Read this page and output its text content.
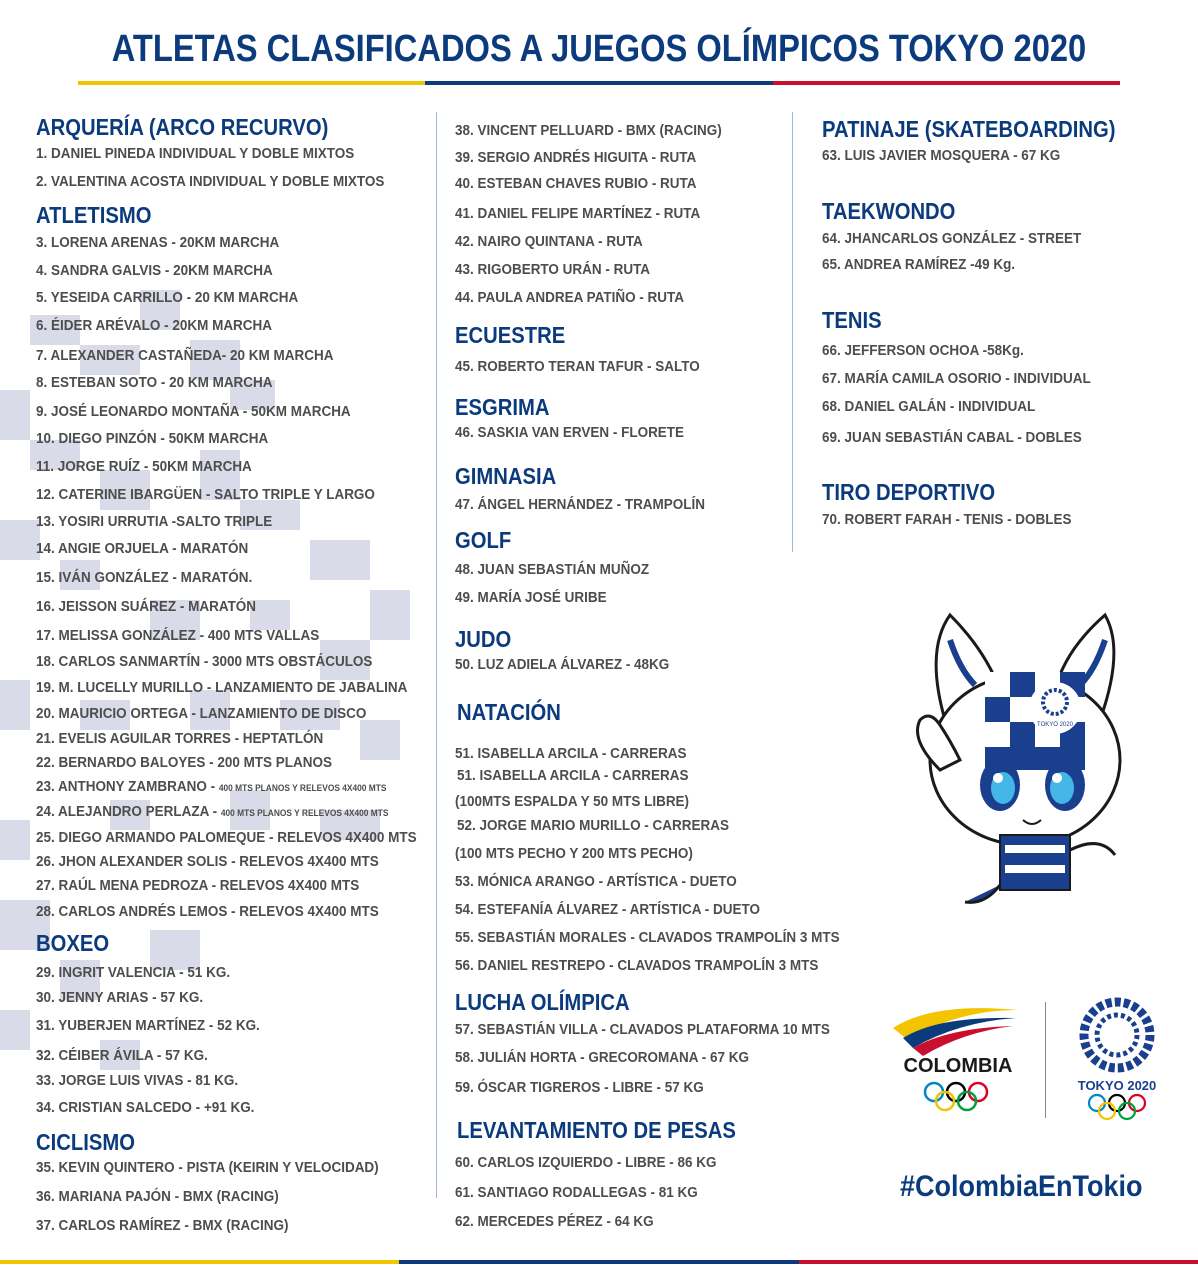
ATLETAS CLASIFICADOS A JUEGOS OLÍMPICOS TOKYO 2020
ARQUERÍA (ARCO RECURVO)
1. DANIEL PINEDA INDIVIDUAL Y DOBLE MIXTOS
2. VALENTINA ACOSTA INDIVIDUAL Y DOBLE MIXTOS
ATLETISMO
3. LORENA ARENAS - 20KM MARCHA
4. SANDRA GALVIS - 20KM MARCHA
5. YESEIDA CARRILLO - 20 KM MARCHA
6. ÉIDER ARÉVALO - 20KM MARCHA
7. ALEXANDER CASTAÑEDA- 20 KM MARCHA
8. ESTEBAN SOTO - 20 KM MARCHA
9. JOSÉ LEONARDO MONTAÑA - 50KM MARCHA
10. DIEGO PINZÓN - 50KM MARCHA
11. JORGE RUÍZ - 50KM MARCHA
12. CATERINE IBARGÜEN - SALTO TRIPLE Y LARGO
13. YOSIRI URRUTIA -SALTO TRIPLE
14. ANGIE ORJUELA - MARATÓN
15. IVÁN GONZÁLEZ - MARATÓN.
16. JEISSON SUÁREZ - MARATÓN
17. MELISSA GONZÁLEZ - 400 MTS VALLAS
18. CARLOS SANMARTÍN - 3000 MTS OBSTÁCULOS
19. M. LUCELLY MURILLO - LANZAMIENTO DE JABALINA
20. MAURICIO ORTEGA - LANZAMIENTO DE DISCO
21. EVELIS AGUILAR TORRES - HEPTATLÓN
22. BERNARDO BALOYES - 200 MTS PLANOS
23. ANTHONY ZAMBRANO - 400 MTS PLANOS Y RELEVOS 4X400 MTS
24. ALEJANDRO PERLAZA - 400 MTS PLANOS Y RELEVOS 4X400 MTS
25. DIEGO ARMANDO PALOMEQUE - RELEVOS 4X400 MTS
26. JHON ALEXANDER SOLIS - RELEVOS 4X400 MTS
27. RAÚL MENA PEDROZA - RELEVOS 4X400 MTS
28. CARLOS ANDRÉS LEMOS - RELEVOS 4X400 MTS
BOXEO
29. INGRIT VALENCIA - 51 KG.
30. JENNY ARIAS - 57 KG.
31. YUBERJEN MARTÍNEZ - 52 KG.
32. CÉIBER ÁVILA - 57 KG.
33. JORGE LUIS VIVAS - 81 KG.
34. CRISTIAN SALCEDO - +91 KG.
CICLISMO
35. KEVIN QUINTERO - PISTA (KEIRIN Y VELOCIDAD)
36. MARIANA PAJÓN - BMX (RACING)
37. CARLOS RAMÍREZ - BMX (RACING)
38. VINCENT PELLUARD - BMX (RACING)
39. SERGIO ANDRÉS HIGUITA - RUTA
40. ESTEBAN CHAVES RUBIO - RUTA
41. DANIEL FELIPE MARTÍNEZ - RUTA
42. NAIRO QUINTANA - RUTA
43. RIGOBERTO URÁN - RUTA
44. PAULA ANDREA PATIÑO - RUTA
ECUESTRE
45. ROBERTO TERAN TAFUR - SALTO
ESGRIMA
46. SASKIA VAN ERVEN - FLORETE
GIMNASIA
47. ÁNGEL HERNÁNDEZ - TRAMPOLÍN
GOLF
48. JUAN SEBASTIÁN MUÑOZ
49. MARÍA JOSÉ URIBE
JUDO
50. LUZ ADIELA ÁLVAREZ - 48KG
NATACIÓN
51. ISABELLA ARCILA - CARRERAS
51. ISABELLA ARCILA - CARRERAS
(100MTS ESPALDA Y 50 MTS LIBRE)
52. JORGE MARIO MURILLO - CARRERAS
(100 MTS PECHO Y 200 MTS PECHO)
53. MÓNICA ARANGO - ARTÍSTICA - DUETO
54. ESTEFANÍA ÁLVAREZ - ARTÍSTICA - DUETO
55. SEBASTIÁN MORALES - CLAVADOS TRAMPOLÍN 3 MTS
56. DANIEL RESTREPO - CLAVADOS TRAMPOLÍN 3 MTS
LUCHA OLÍMPICA
57. SEBASTIÁN VILLA - CLAVADOS PLATAFORMA 10 MTS
58. JULIÁN HORTA - GRECOROMANA - 67 KG
59. ÓSCAR TIGREROS - LIBRE - 57 KG
LEVANTAMIENTO DE PESAS
60. CARLOS IZQUIERDO - LIBRE - 86 KG
61. SANTIAGO RODALLEGAS - 81 KG
62. MERCEDES PÉREZ - 64 KG
PATINAJE (SKATEBOARDING)
63. LUIS JAVIER MOSQUERA - 67 KG
TAEKWONDO
64. JHANCARLOS GONZÁLEZ - STREET
65. ANDREA RAMÍREZ -49 Kg.
TENIS
66. JEFFERSON OCHOA -58Kg.
67. MARÍA CAMILA OSORIO - INDIVIDUAL
68. DANIEL GALÁN - INDIVIDUAL
69. JUAN SEBASTIÁN CABAL - DOBLES
TIRO DEPORTIVO
70. ROBERT FARAH - TENIS - DOBLES
TOKYO 2020
COLOMBIA
TOKYO 2020
#ColombiaEnTokio
